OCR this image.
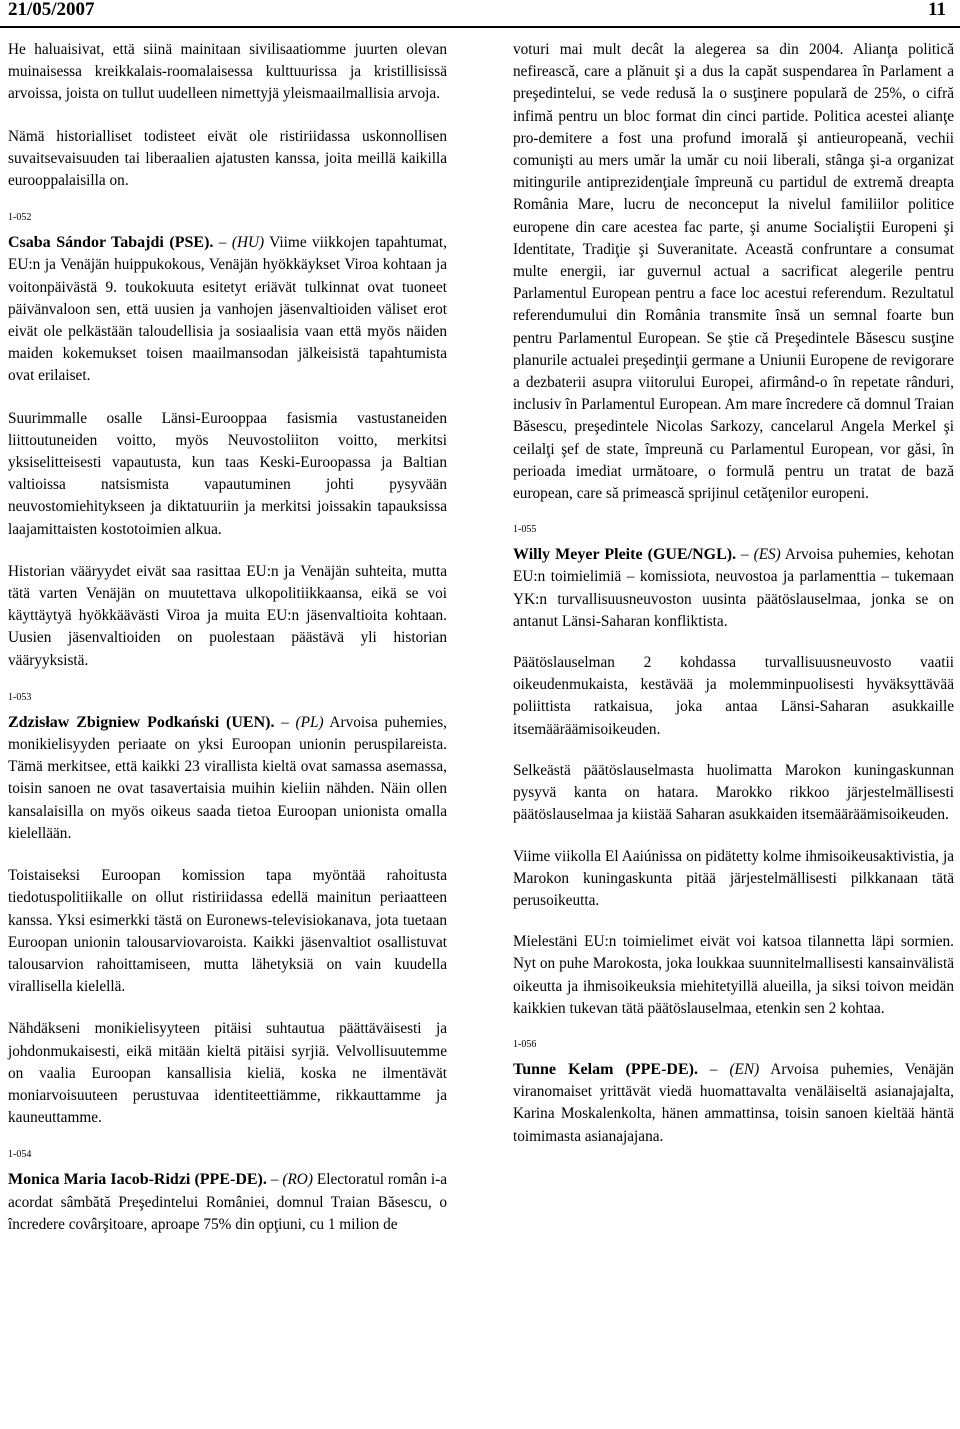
21/05/2007	11

He haluaisivat, että siinä mainitaan sivilisaatiomme juurten olevan muinaisessa kreikkalais-roomalaisessa kulttuurissa ja kristillisissä arvoissa, joista on tullut uudelleen nimettyjä yleismaailmallisia arvoja.

Nämä historialliset todisteet eivät ole ristiriidassa uskonnollisen suvaitsevaisuuden tai liberaalien ajatusten kanssa, joita meillä kaikilla eurooppalaisilla on.

1-052

Csaba Sándor Tabajdi (PSE). – (HU) Viime viikkojen tapahtumat, EU:n ja Venäjän huippukokous, Venäjän hyökkäykset Viroa kohtaan ja voitonpäivästä 9. toukokuuta esitetyt eriävät tulkinnat ovat tuoneet päivänvaloon sen, että uusien ja vanhojen jäsenvaltioiden väliset erot eivät ole pelkästään taloudellisia ja sosiaalisia vaan että myös näiden maiden kokemukset toisen maailmansodan jälkeisistä tapahtumista ovat erilaiset.

Suurimmalle osalle Länsi-Eurooppaa fasismia vastustaneiden liittoutuneiden voitto, myös Neuvostoliiton voitto, merkitsi yksiselitteisesti vapautusta, kun taas Keski-Euroopassa ja Baltian valtioissa natsismista vapautuminen johti pysyvään neuvostomiehitykseen ja diktatuuriin ja merkitsi joissakin tapauksissa laajamittaisten kostotoimien alkua.

Historian vääryydet eivät saa rasittaa EU:n ja Venäjän suhteita, mutta tätä varten Venäjän on muutettava ulkopolitiikkaansa, eikä se voi käyttäytyä hyökkäävästi Viroa ja muita EU:n jäsenvaltioita kohtaan. Uusien jäsenvaltioiden on puolestaan päästävä yli historian vääryyksistä.

1-053

Zdzisław Zbigniew Podkański (UEN). – (PL) Arvoisa puhemies, monikielisyyden periaate on yksi Euroopan unionin peruspilareista. Tämä merkitsee, että kaikki 23 virallista kieltä ovat samassa asemassa, toisin sanoen ne ovat tasavertaisia muihin kieliin nähden. Näin ollen kansalaisilla on myös oikeus saada tietoa Euroopan unionista omalla kielellään.

Toistaiseksi Euroopan komission tapa myöntää rahoitusta tiedotuspolitiikalle on ollut ristiriidassa edellä mainitun periaatteen kanssa. Yksi esimerkki tästä on Euronews-televisiokanava, jota tuetaan Euroopan unionin talousarviovaroista. Kaikki jäsenvaltiot osallistuvat talousarvion rahoittamiseen, mutta lähetyksiä on vain kuudella virallisella kielellä.

Nähdäkseni monikielisyyteen pitäisi suhtautua päättäväisesti ja johdonmukaisesti, eikä mitään kieltä pitäisi syrjiä. Velvollisuutemme on vaalia Euroopan kansallisia kieliä, koska ne ilmentävät moniarvoisuuteen perustuvaa identiteettiämme, rikkauttamme ja kauneuttamme.

1-054

Monica Maria Iacob-Ridzi (PPE-DE). – (RO) Electoratul român i-a acordat sâmbătă Preşedintelui României, domnul Traian Băsescu, o încredere covârşitoare, aproape 75% din opţiuni, cu 1 milion de

voturi mai mult decât la alegerea sa din 2004. Alianţa politică nefirească, care a plănuit şi a dus la capăt suspendarea în Parlament a preşedintelui, se vede redusă la o susţinere populară de 25%, o cifră infimă pentru un bloc format din cinci partide. Politica acestei alianţe pro-demitere a fost una profund imorală şi antieuropeană, vechii comunişti au mers umăr la umăr cu noii liberali, stânga şi-a organizat mitingurile antiprezidenţiale împreună cu partidul de extremă dreapta România Mare, lucru de neconceput la nivelul familiilor politice europene din care acestea fac parte, şi anume Socialiştii Europeni şi Identitate, Tradiţie şi Suveranitate. Această confruntare a consumat multe energii, iar guvernul actual a sacrificat alegerile pentru Parlamentul European pentru a face loc acestui referendum. Rezultatul referendumului din România transmite însă un semnal foarte bun pentru Parlamentul European. Se ştie că Preşedintele Băsescu susţine planurile actualei preşedinţii germane a Uniunii Europene de revigorare a dezbaterii asupra viitorului Europei, afirmând-o în repetate rânduri, inclusiv în Parlamentul European. Am mare încredere că domnul Traian Băsescu, preşedintele Nicolas Sarkozy, cancelarul Angela Merkel şi ceilalţi şef de state, împreună cu Parlamentul European, vor găsi, în perioada imediat următoare, o formulă pentru un tratat de bază european, care să primească sprijinul cetăţenilor europeni.

1-055

Willy Meyer Pleite (GUE/NGL). – (ES) Arvoisa puhemies, kehotan EU:n toimielimiä – komissiota, neuvostoa ja parlamenttia – tukemaan YK:n turvallisuusneuvoston uusinta päätöslauselmaa, jonka se on antanut Länsi-Saharan konfliktista.

Päätöslauselman 2 kohdassa turvallisuusneuvosto vaatii oikeudenmukaista, kestävää ja molemminpuolisesti hyväksyttävää poliittista ratkaisua, joka antaa Länsi-Saharan asukkaille itsemääräämisoikeuden.

Selkeästä päätöslauselmasta huolimatta Marokon kuningaskunnan pysyvä kanta on hatara. Marokko rikkoo järjestelmällisesti päätöslauselmaa ja kiistää Saharan asukkaiden itsemääräämisoikeuden.

Viime viikolla El Aaiúnissa on pidätetty kolme ihmisoikeusaktivistia, ja Marokon kuningaskunta pitää järjestelmällisesti pilkkanaan tätä perusoikeutta.

Mielestäni EU:n toimielimet eivät voi katsoa tilannetta läpi sormien. Nyt on puhe Marokosta, joka loukkaa suunnitelmallisesti kansainvälistä oikeutta ja ihmisoikeuksia miehitetyillä alueilla, ja siksi toivon meidän kaikkien tukevan tätä päätöslauselmaa, etenkin sen 2 kohtaa.

1-056

Tunne Kelam (PPE-DE). – (EN) Arvoisa puhemies, Venäjän viranomaiset yrittävät viedä huomattavalta venäläiseltä asianajajalta, Karina Moskalenkolta, hänen ammattinsa, toisin sanoen kieltää häntä toimimasta asianajajana.
